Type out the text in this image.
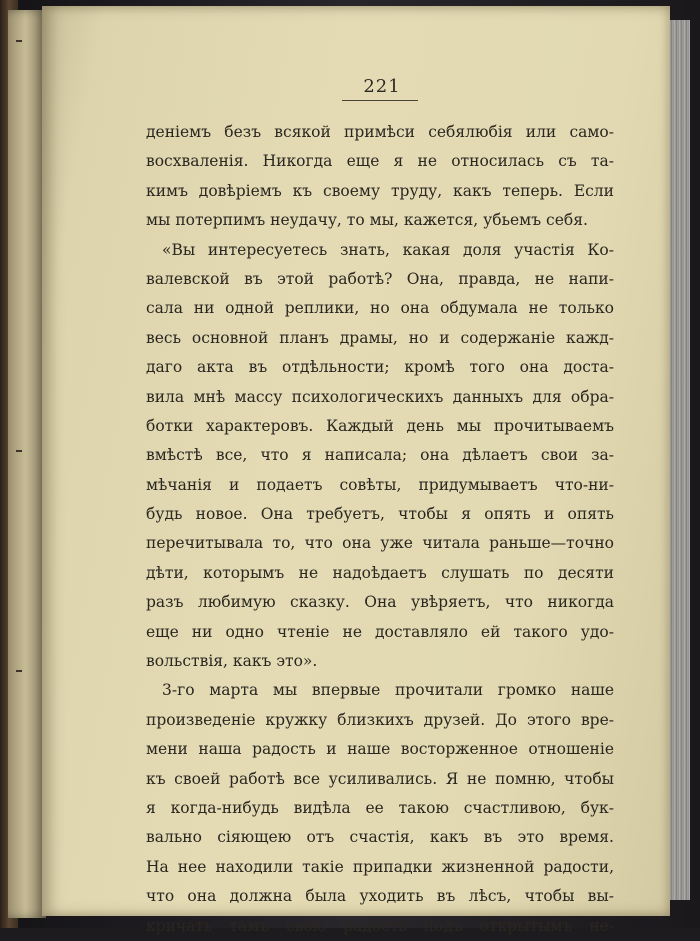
221
денiемъ безъ всякой примѣси себялюбія или само-
восхваленія. Никогда еще я не относилась съ та-
кимъ довѣріемъ къ своему труду, какъ теперь. Если
мы потерпимъ неудачу, то мы, кажется, убьемъ себя.
«Вы интересуетесь знать, какая доля участія Ко-
валевской въ этой работѣ? Она, правда, не напи-
сала ни одной реплики, но она обдумала не только
весь основной планъ драмы, но и содержаніе кажд-
даго акта въ отдѣльности; кромѣ того она доста-
вила мнѣ массу психологическихъ данныхъ для обра-
ботки характеровъ. Каждый день мы прочитываемъ
вмѣстѣ все, что я написала; она дѣлаетъ свои за-
мѣчанія и подаетъ совѣты, придумываетъ что-ни-
будь новое. Она требуетъ, чтобы я опять и опять
перечитывала то, что она уже читала раньше—точно
дѣти, которымъ не надоѣдаетъ слушать по десяти
разъ любимую сказку. Она увѣряетъ, что никогда
еще ни одно чтеніе не доставляло ей такого удо-
вольствія, какъ это».
3-го марта мы впервые прочитали громко наше
произведеніе кружку близкихъ друзей. До этого вре-
мени наша радость и наше восторженное отношеніе
къ своей работѣ все усиливались. Я не помню, чтобы
я когда-нибудь видѣла ее такою счастливою, бук-
вально сіяющею отъ счастія, какъ въ это время.
На нее находили такіе припадки жизненной радости,
что она должна была уходить въ лѣсъ, чтобы вы-
кричать тамъ свою радость подъ открытымъ не-
